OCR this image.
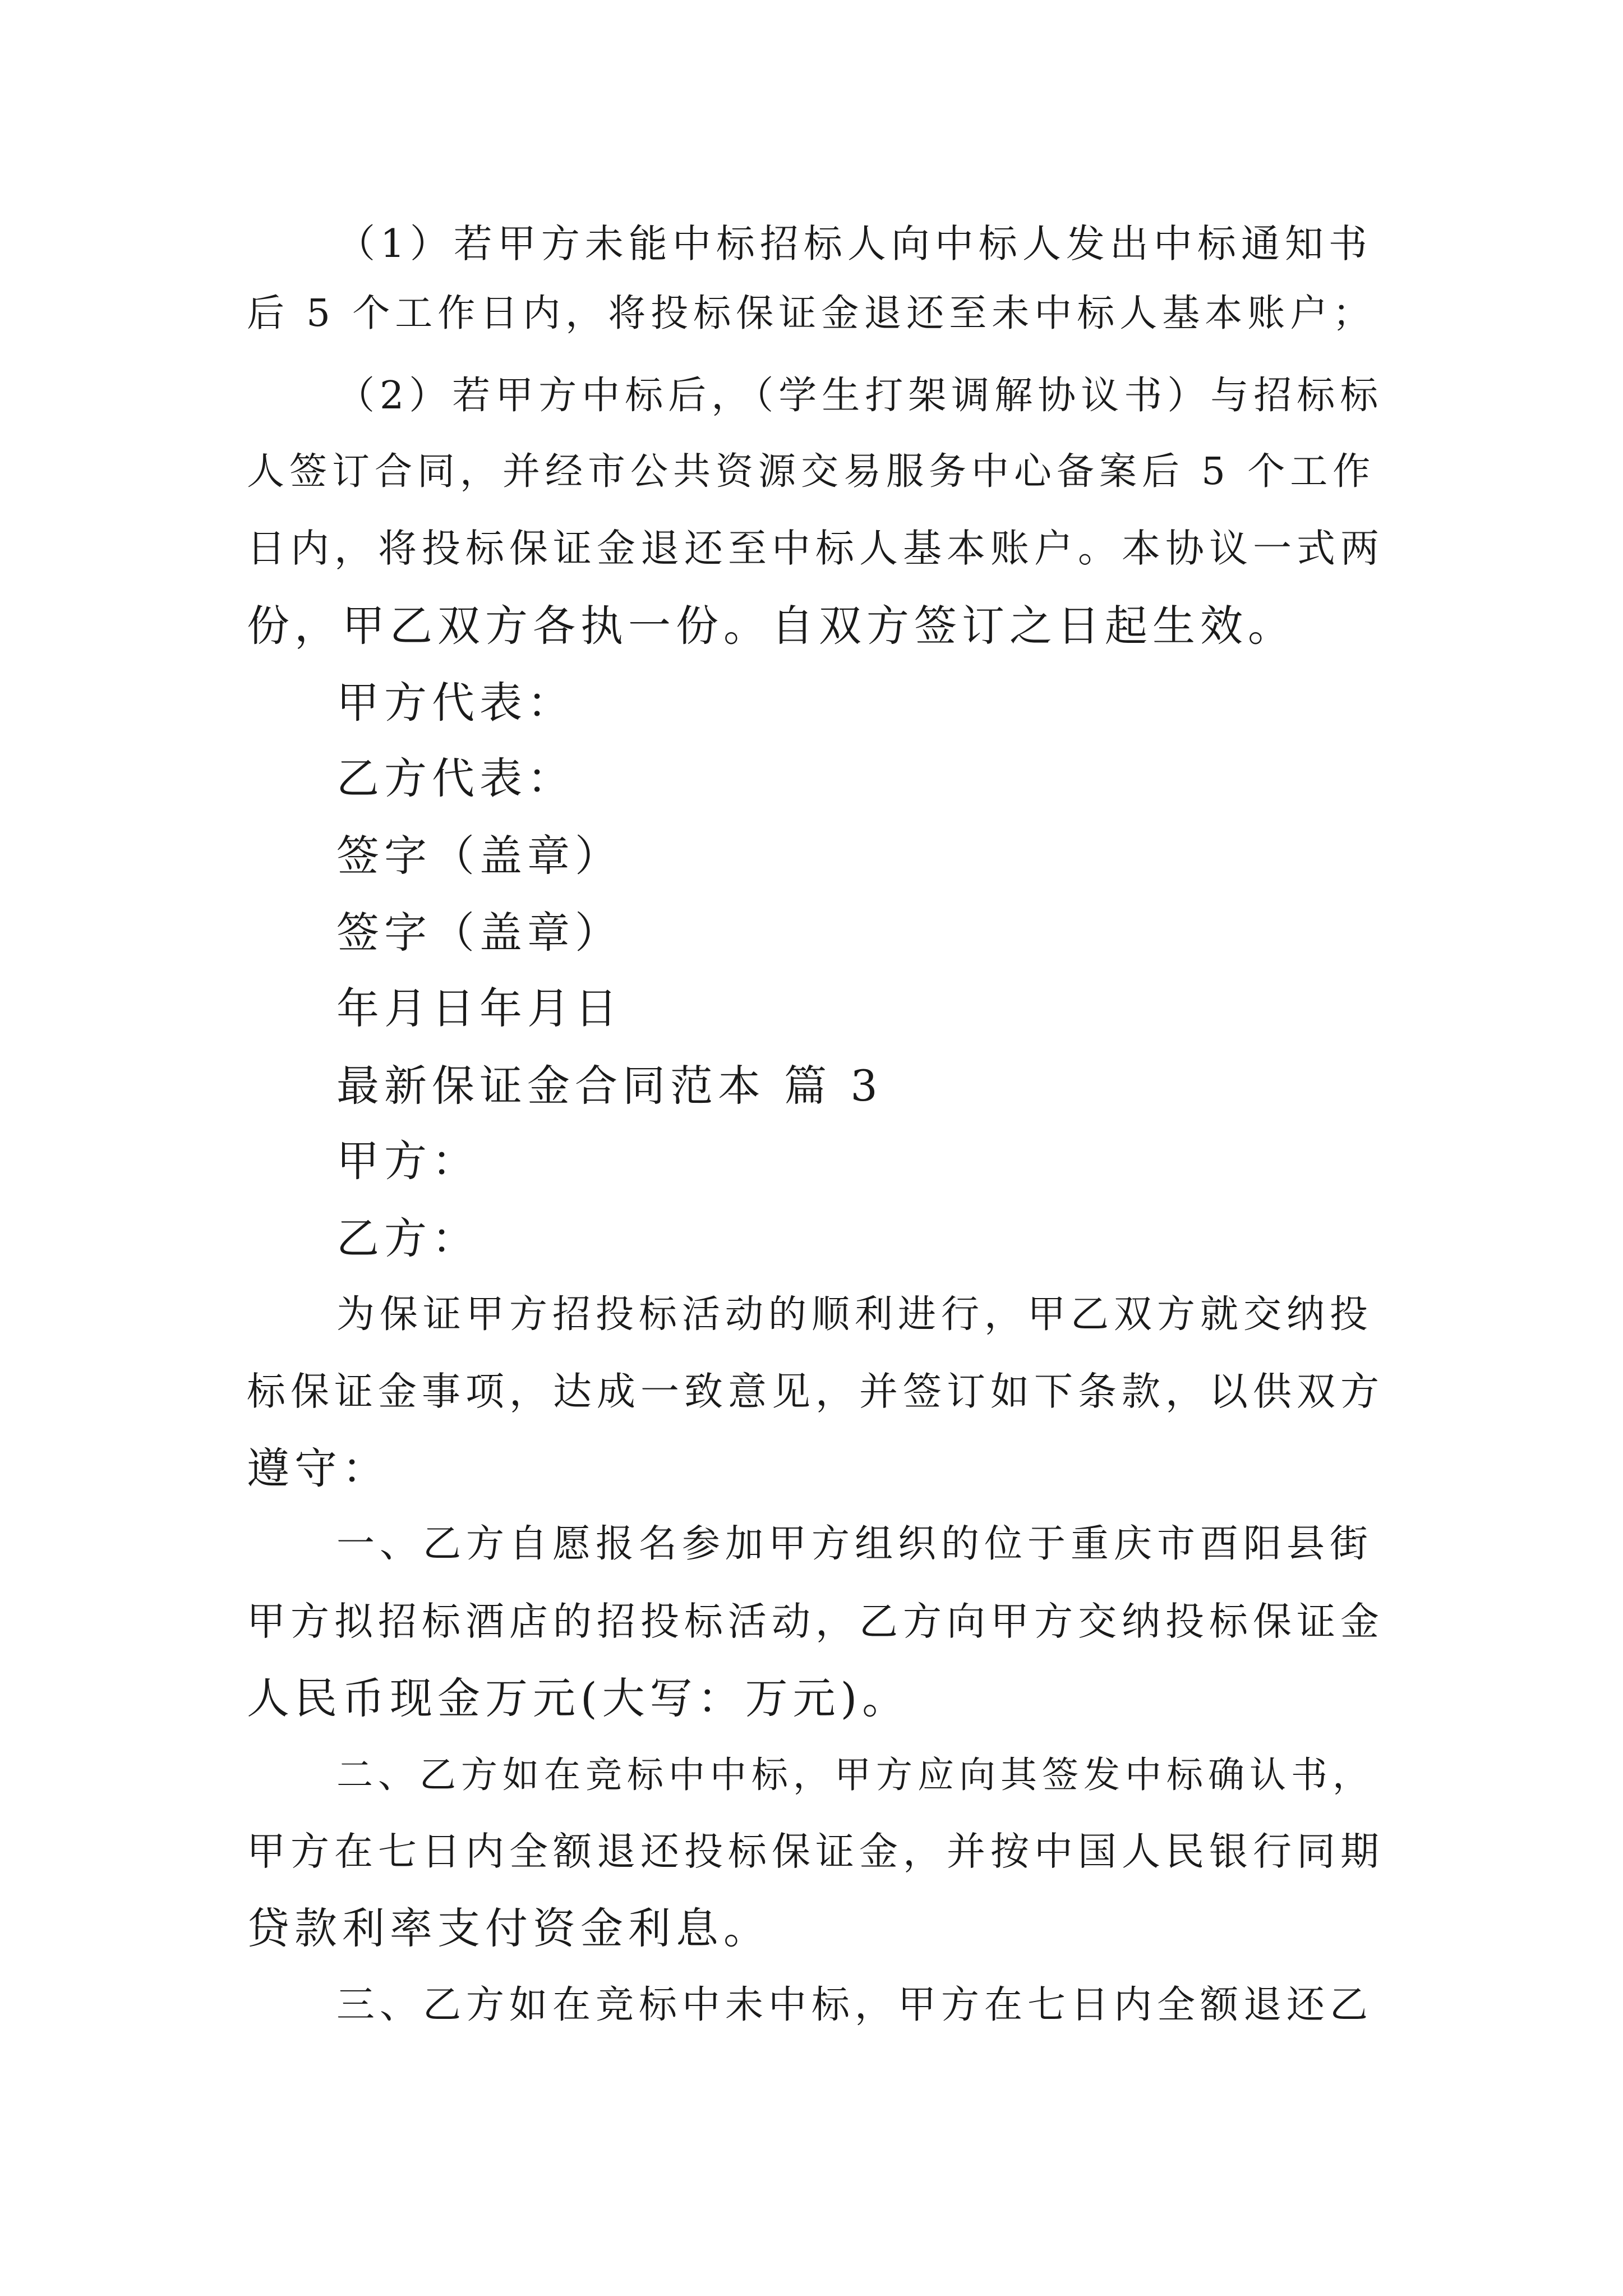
（1）若甲方未能中标招标人向中标人发出中标通知书

后 5 个工作日内，将投标保证金退还至未中标人基本账户；

（2）若甲方中标后，（学生打架调解协议书）与招标标

人签订合同，并经市公共资源交易服务中心备案后 5 个工作

日内，将投标保证金退还至中标人基本账户。本协议一式两

份，甲乙双方各执一份。自双方签订之日起生效。

甲方代表：

乙方代表：

签字（盖章）

签字（盖章）

年月日年月日

最新保证金合同范本 篇 3

甲方：

乙方：

为保证甲方招投标活动的顺利进行，甲乙双方就交纳投

标保证金事项，达成一致意见，并签订如下条款，以供双方

遵守：

一、乙方自愿报名参加甲方组织的位于重庆市酉阳县街

甲方拟招标酒店的招投标活动，乙方向甲方交纳投标保证金

人民币现金万元(大写：万元)。

二、乙方如在竞标中中标，甲方应向其签发中标确认书，

甲方在七日内全额退还投标保证金，并按中国人民银行同期

贷款利率支付资金利息。

三、乙方如在竞标中未中标，甲方在七日内全额退还乙
